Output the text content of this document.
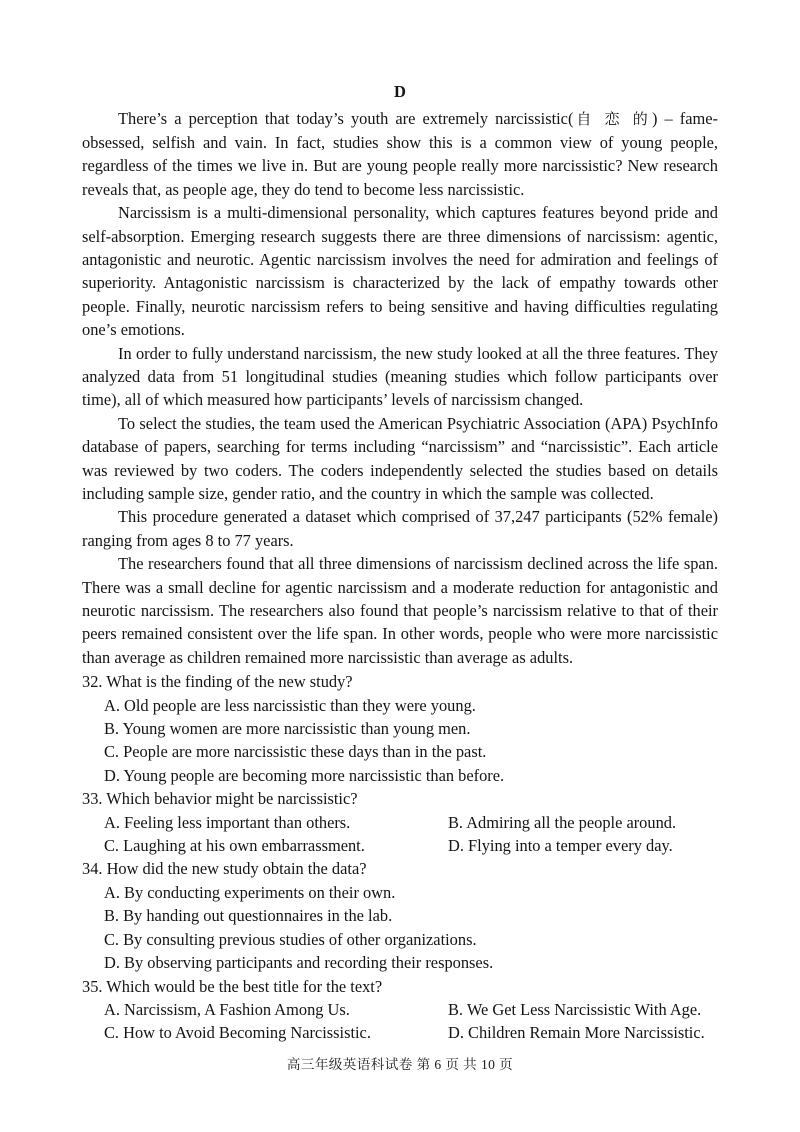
D

There’s a perception that today’s youth are extremely narcissistic(自 恋 的) – fame-obsessed, selfish and vain. In fact, studies show this is a common view of young people, regardless of the times we live in. But are young people really more narcissistic? New research reveals that, as people age, they do tend to become less narcissistic.

Narcissism is a multi-dimensional personality, which captures features beyond pride and self-absorption. Emerging research suggests there are three dimensions of narcissism: agentic, antagonistic and neurotic. Agentic narcissism involves the need for admiration and feelings of superiority. Antagonistic narcissism is characterized by the lack of empathy towards other people. Finally, neurotic narcissism refers to being sensitive and having difficulties regulating one’s emotions.

In order to fully understand narcissism, the new study looked at all the three features. They analyzed data from 51 longitudinal studies (meaning studies which follow participants over time), all of which measured how participants’ levels of narcissism changed.

To select the studies, the team used the American Psychiatric Association (APA) PsychInfo database of papers, searching for terms including “narcissism” and “narcissistic”. Each article was reviewed by two coders. The coders independently selected the studies based on details including sample size, gender ratio, and the country in which the sample was collected.

This procedure generated a dataset which comprised of 37,247 participants (52% female) ranging from ages 8 to 77 years.

The researchers found that all three dimensions of narcissism declined across the life span. There was a small decline for agentic narcissism and a moderate reduction for antagonistic and neurotic narcissism. The researchers also found that people’s narcissism relative to that of their peers remained consistent over the life span. In other words, people who were more narcissistic than average as children remained more narcissistic than average as adults.

32. What is the finding of the new study?

A. Old people are less narcissistic than they were young.

B. Young women are more narcissistic than young men.

C. People are more narcissistic these days than in the past.

D. Young people are becoming more narcissistic than before.

33. Which behavior might be narcissistic?

A. Feeling less important than others.	B. Admiring all the people around.
C. Laughing at his own embarrassment.	D. Flying into a temper every day.

34. How did the new study obtain the data?

A. By conducting experiments on their own.

B. By handing out questionnaires in the lab.

C. By consulting previous studies of other organizations.

D. By observing participants and recording their responses.

35. Which would be the best title for the text?

A. Narcissism, A Fashion Among Us.	B. We Get Less Narcissistic With Age.
C. How to Avoid Becoming Narcissistic.	D. Children Remain More Narcissistic.
高三年级英语科试卷 第 6 页 共 10 页
